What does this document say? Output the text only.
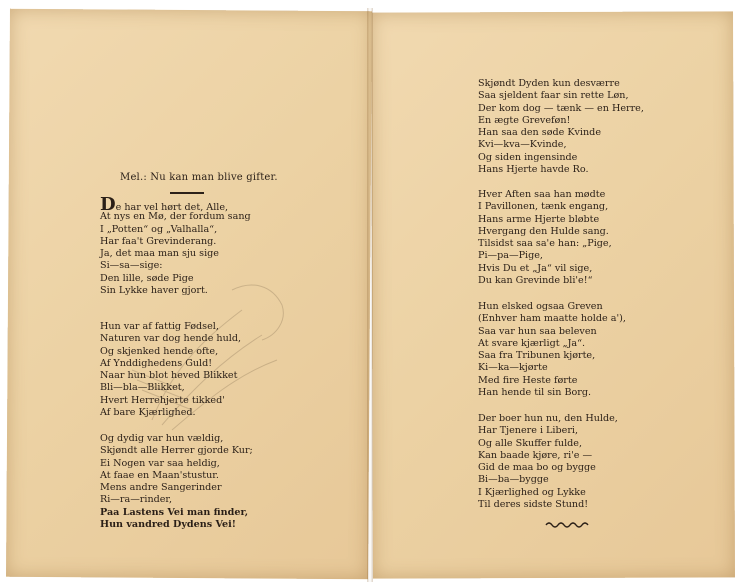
Mel.: Nu kan man blive gifter.
De har vel hørt det, Alle,
At nys en Mø, der fordum sang
I „Potten“ og „Valhalla“,
Har faa't Grevinderang.
Ja, det maa man sju sige
Si—sa—sige:
Den lille, søde Pige
Sin Lykke haver gjort.
Hun var af fattig Fødsel,
Naturen var dog hende huld,
Og skjenked hende ofte,
Af Ynddighedens Guld!
Naar hun blot heved Blikket
Bli—bla—Blikket,
Hvert Herrehjerte tikked'
Af bare Kjærlighed.
Og dydig var hun vældig,
Skjøndt alle Herrer gjorde Kur;
Ei Nogen var saa heldig,
At faae en Maan'stustur.
Mens andre Sangerinder
Ri—ra—rinder,
Paa Lastens Vei man finder,
Hun vandred Dydens Vei!
Skjøndt Dyden kun desværre
Saa sjeldent faar sin rette Løn,
Der kom dog — tænk — en Herre,
En ægte Greveføn!
Han saa den søde Kvinde
Kvi—kva—Kvinde,
Og siden ingensinde
Hans Hjerte havde Ro.
Hver Aften saa han mødte
I Pavillonen, tænk engang,
Hans arme Hjerte bløbte
Hvergang den Hulde sang.
Tilsidst saa sa'e han: „Pige,
Pi—pa—Pige,
Hvis Du et „Ja“ vil sige,
Du kan Grevinde bli'e!“
Hun elsked ogsaa Greven
(Enhver ham maatte holde a'),
Saa var hun saa beleven
At svare kjærligt „Ja“.
Saa fra Tribunen kjørte,
Ki—ka—kjørte
Med fire Heste førte
Han hende til sin Borg.
Der boer hun nu, den Hulde,
Har Tjenere i Liberi,
Og alle Skuffer fulde,
Kan baade kjøre, ri'e —
Gid de maa bo og bygge
Bi—ba—bygge
I Kjærlighed og Lykke
Til deres sidste Stund!
